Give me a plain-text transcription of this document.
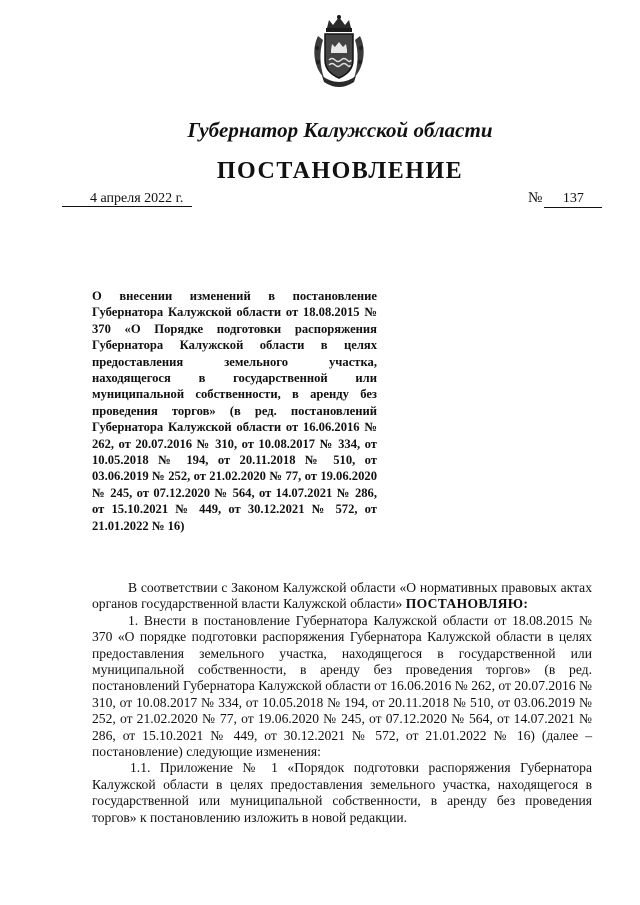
Губернатор Калужской области
ПОСТАНОВЛЕНИЕ
4 апреля 2022 г.	№ 137
О внесении изменений в постановление Губернатора Калужской области от 18.08.2015 № 370 «О Порядке подготовки распоряжения Губернатора Калужской области в целях предоставления земельного участка, находящегося в государственной или муниципальной собственности, в аренду без проведения торгов» (в ред. постановлений Губернатора Калужской области от 16.06.2016 № 262, от 20.07.2016 № 310, от 10.08.2017 № 334, от 10.05.2018 № 194, от 20.11.2018 № 510, от 03.06.2019 № 252, от 21.02.2020 № 77, от 19.06.2020 № 245, от 07.12.2020 № 564, от 14.07.2021 № 286, от 15.10.2021 № 449, от 30.12.2021 № 572, от 21.01.2022 № 16)

В соответствии с Законом Калужской области «О нормативных правовых актах органов государственной власти Калужской области» ПОСТАНОВЛЯЮ:

1. Внести в постановление Губернатора Калужской области от 18.08.2015 № 370 «О порядке подготовки распоряжения Губернатора Калужской области в целях предоставления земельного участка, находящегося в государственной или муниципальной собственности, в аренду без проведения торгов» (в ред. постановлений Губернатора Калужской области от 16.06.2016 № 262, от 20.07.2016 № 310, от 10.08.2017 № 334, от 10.05.2018 № 194, от 20.11.2018 № 510, от 03.06.2019 № 252, от 21.02.2020 № 77, от 19.06.2020 № 245, от 07.12.2020 № 564, от 14.07.2021 № 286, от 15.10.2021 № 449, от 30.12.2021 № 572, от 21.01.2022 № 16) (далее – постановление) следующие изменения:

1.1. Приложение № 1 «Порядок подготовки распоряжения Губернатора Калужской области в целях предоставления земельного участка, находящегося в государственной или муниципальной собственности, в аренду без проведения торгов» к постановлению изложить в новой редакции.
